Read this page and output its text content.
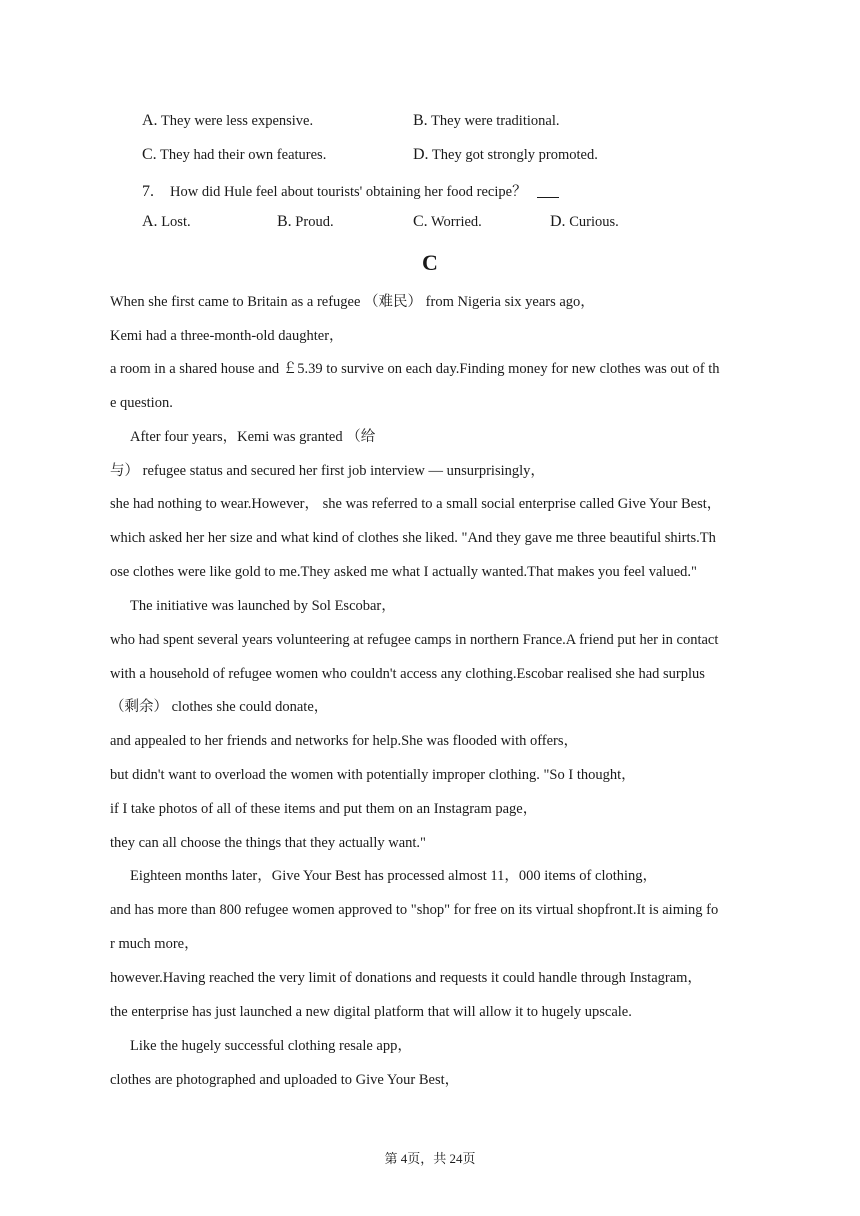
A. They were less expensive.	B. They were traditional.
C. They had their own features.	D. They got strongly promoted.
7. How did Hule feel about tourists' obtaining her food recipe？
A. Lost.	B. Proud.	C. Worried.	D. Curious.
C
When she first came to Britain as a refugee （难民） from Nigeria six years ago，
Kemi had a three-month-old daughter，
a room in a shared house and ￡5.39 to survive on each day.Finding money for new clothes was out of th
e question.
After four years，Kemi was granted （给
与） refugee status and secured her first job interview — unsurprisingly，
she had nothing to wear.However， she was referred to a small social enterprise called Give Your Best，
which asked her her size and what kind of clothes she liked. "And they gave me three beautiful shirts.Th
ose clothes were like gold to me.They asked me what I actually wanted.That makes you feel valued."
The initiative was launched by Sol Escobar，
who had spent several years volunteering at refugee camps in northern France.A friend put her in contact
with a household of refugee women who couldn't access any clothing.Escobar realised she had surplus
（剩余） clothes she could donate，
and appealed to her friends and networks for help.She was flooded with offers，
but didn't want to overload the women with potentially improper clothing. "So I thought，
if I take photos of all of these items and put them on an Instagram page，
they can all choose the things that they actually want."
Eighteen months later，Give Your Best has processed almost 11，000 items of clothing，
and has more than 800 refugee women approved to "shop" for free on its virtual shopfront.It is aiming fo
r much more，
however.Having reached the very limit of donations and requests it could handle through Instagram，
the enterprise has just launched a new digital platform that will allow it to hugely upscale.
Like the hugely successful clothing resale app，
clothes are photographed and uploaded to Give Your Best，
第 4页，共 24页
